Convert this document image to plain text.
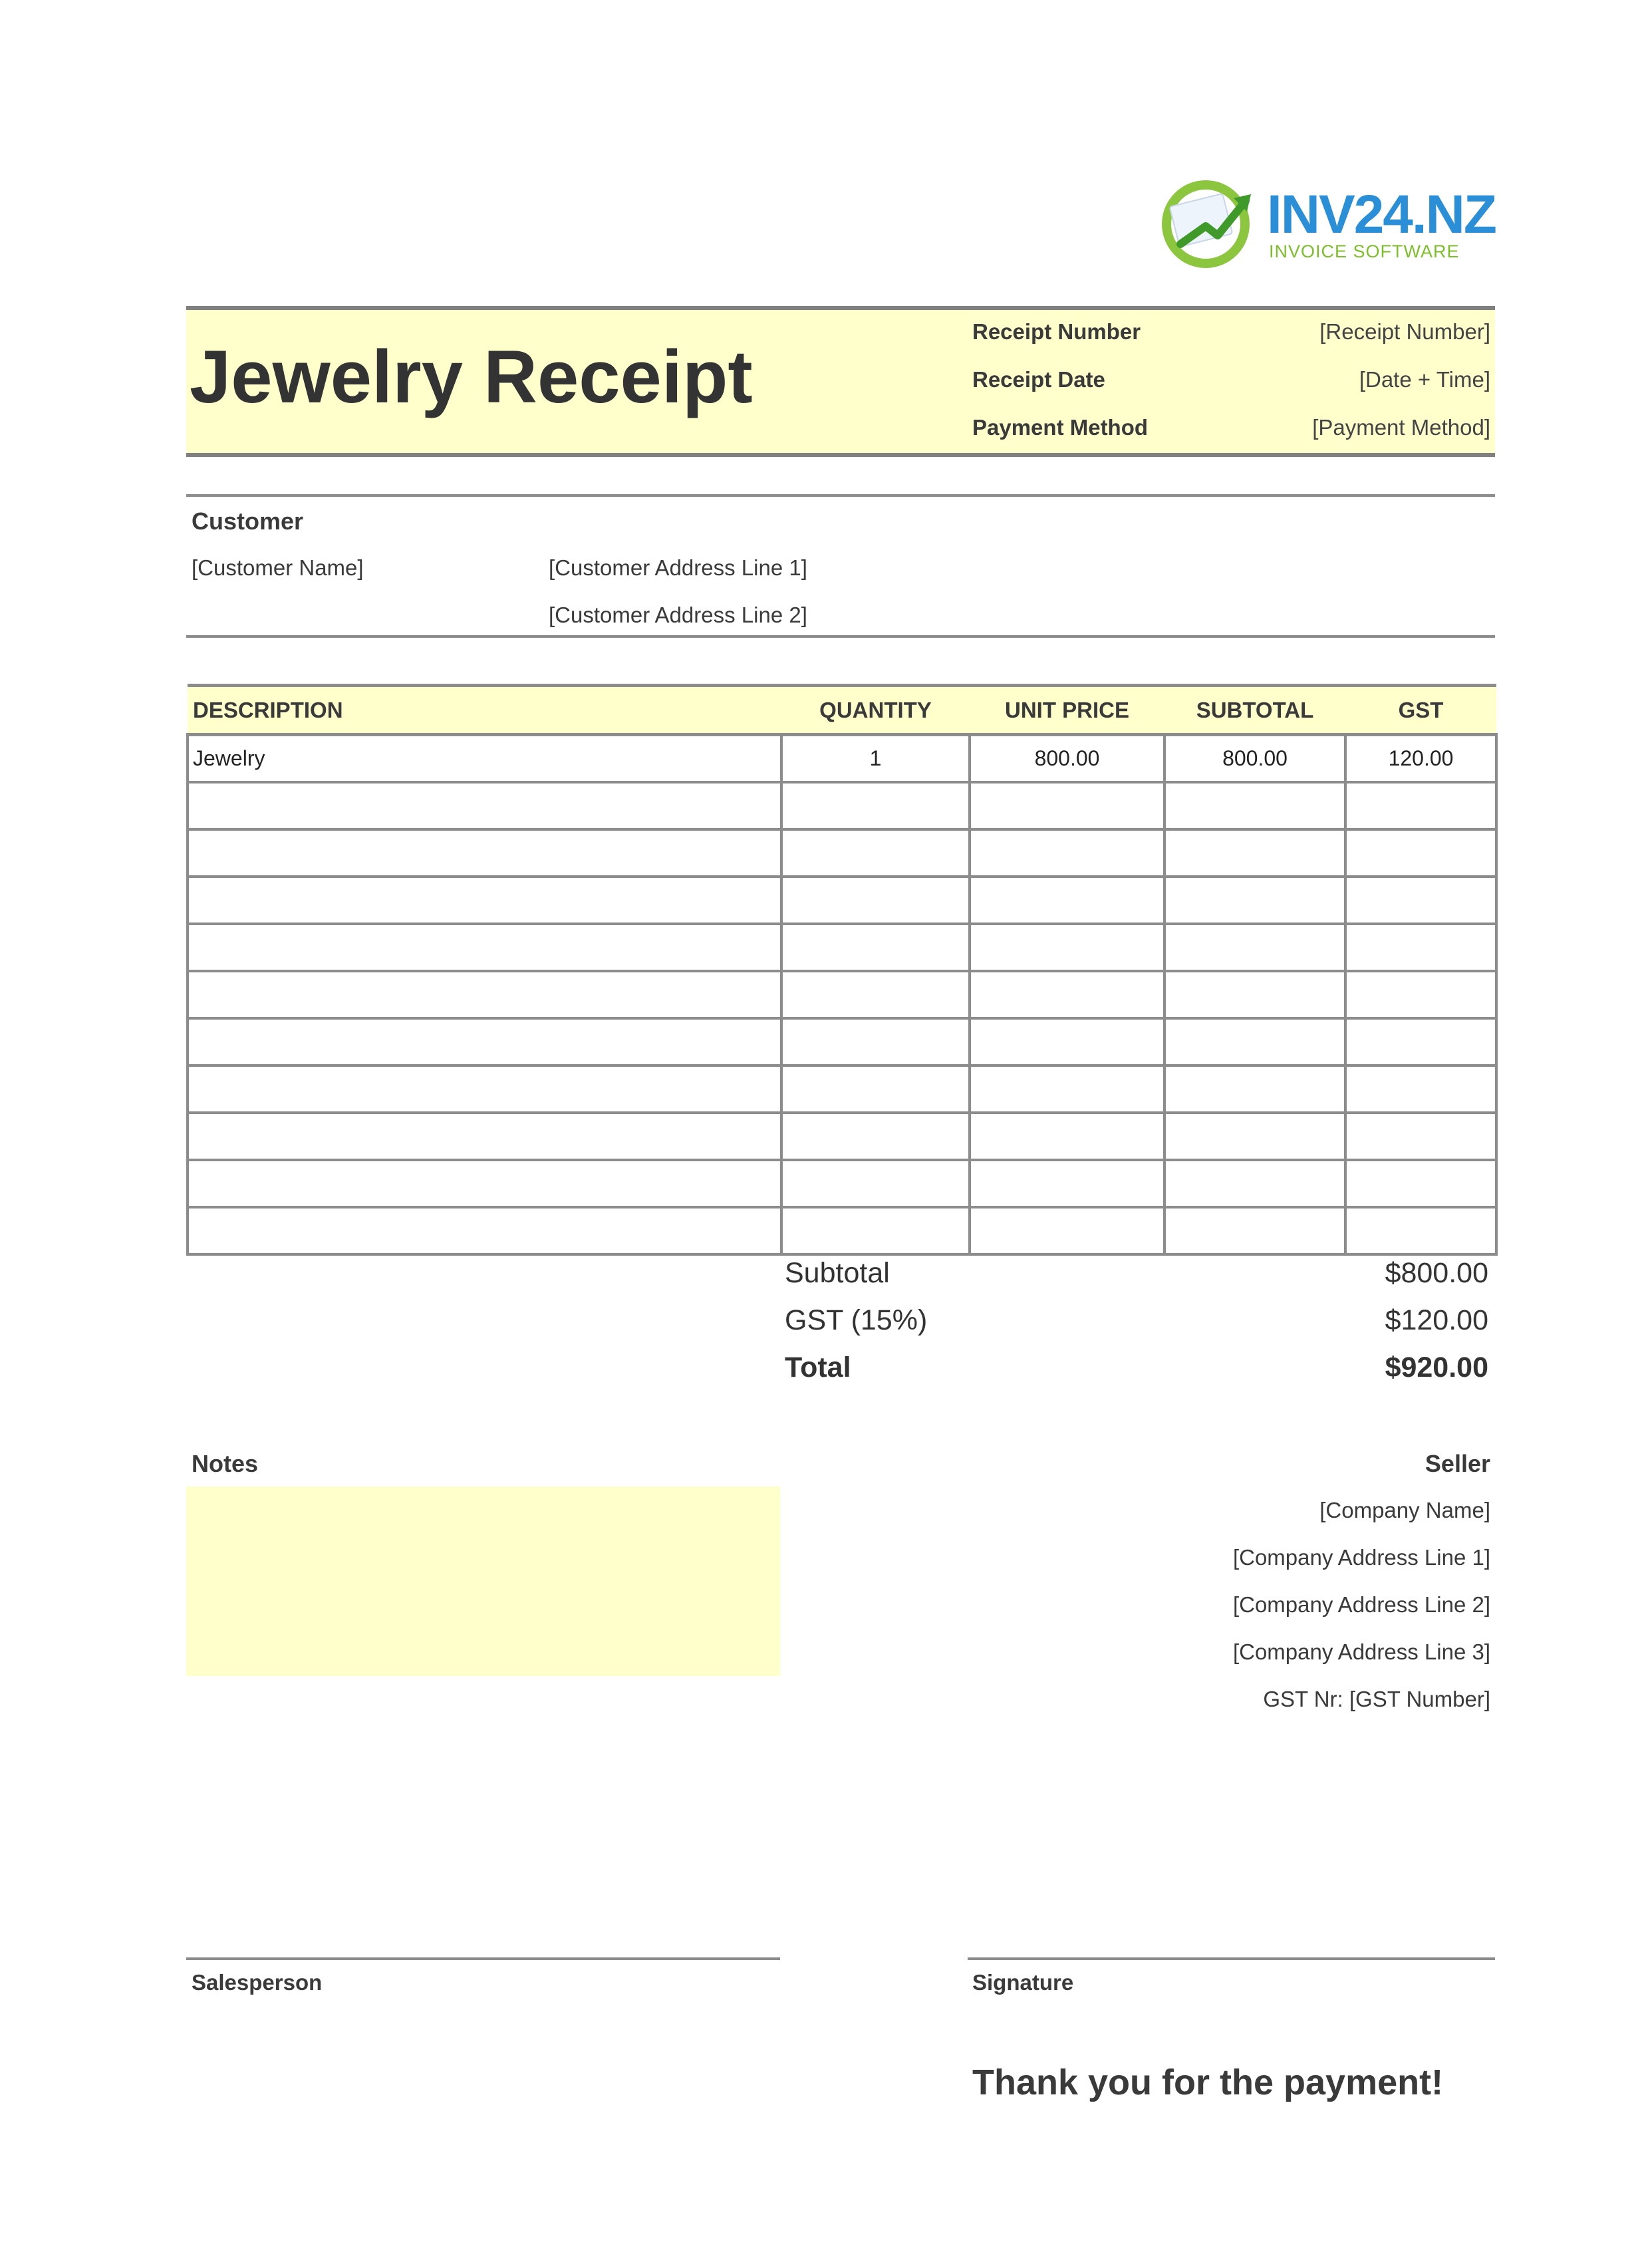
INV24.NZ
INVOICE SOFTWARE
Jewelry Receipt
Receipt Number	[Receipt Number]
Receipt Date	[Date + Time]
Payment Method	[Payment Method]
Customer
[Customer Name]	[Customer Address Line 1]
[Customer Address Line 2]
DESCRIPTION	QUANTITY	UNIT PRICE	SUBTOTAL	GST
Jewelry	1	800.00	800.00	120.00

Subtotal	$800.00
GST (15%)	$120.00
Total	$920.00
Notes	Seller
[Company Name]
[Company Address Line 1]
[Company Address Line 2]
[Company Address Line 3]
GST Nr: [GST Number]
Salesperson	Signature
Thank you for the payment!
